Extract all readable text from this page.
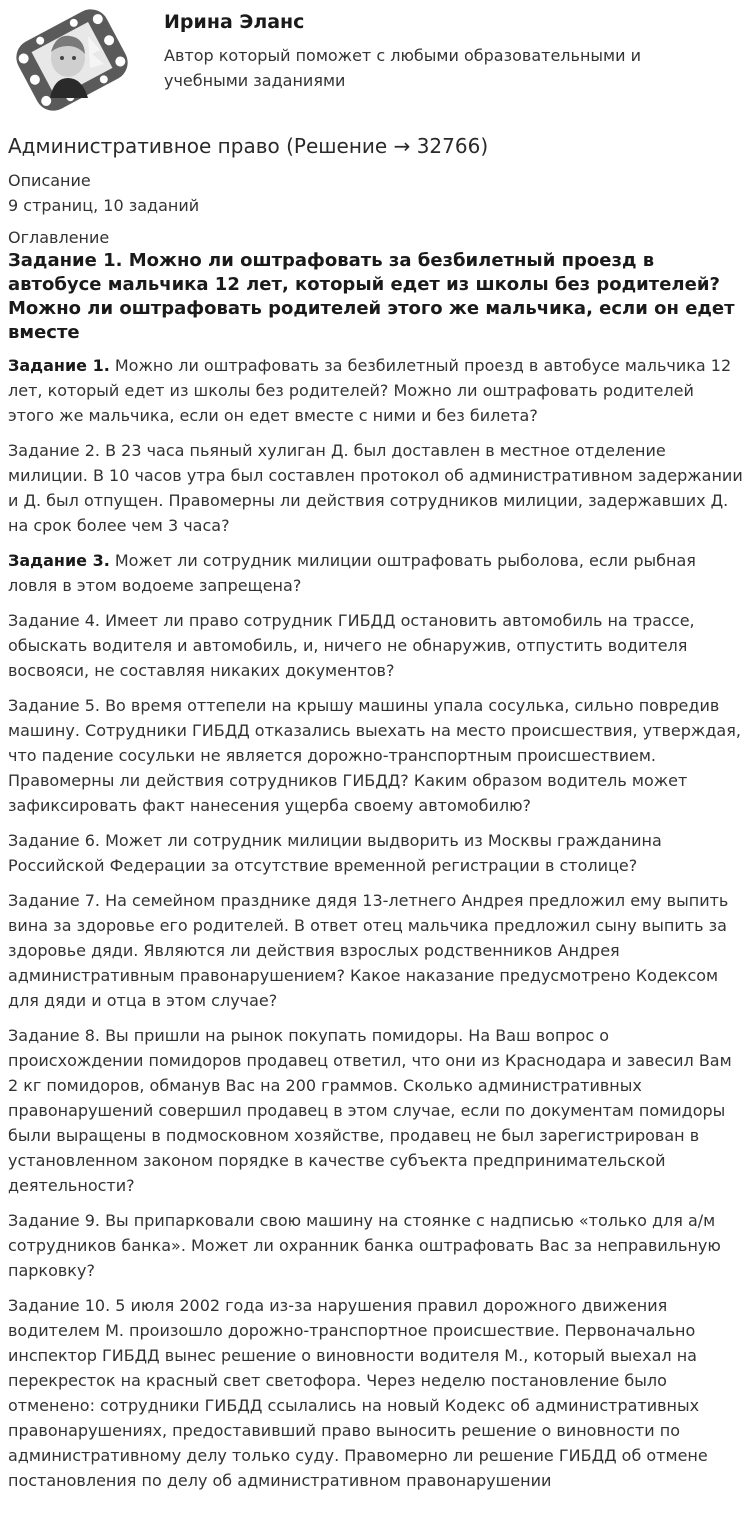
Ирина Эланс
Автор который поможет с любыми образовательными и учебными заданиями
Административное право (Решение → 32766)
Описание
9 страниц, 10 заданий
Оглавление
Задание 1. Можно ли оштрафовать за безбилетный проезд в автобусе мальчика 12 лет, который едет из школы без родителей? Можно ли оштрафовать родителей этого же мальчика, если он едет вместе
Задание 1. Можно ли оштрафовать за безбилетный проезд в автобусе мальчика 12 лет, который едет из школы без родителей? Можно ли оштрафовать родителей этого же мальчика, если он едет вместе с ними и без билета?
Задание 2. В 23 часа пьяный хулиган Д. был доставлен в местное отделение милиции. В 10 часов утра был составлен протокол об административном задержании и Д. был отпущен. Правомерны ли действия сотрудников милиции, задержавших Д. на срок более чем 3 часа?
Задание 3. Может ли сотрудник милиции оштрафовать рыболова, если рыбная ловля в этом водоеме запрещена?
Задание 4. Имеет ли право сотрудник ГИБДД остановить автомобиль на трассе, обыскать водителя и автомобиль, и, ничего не обнаружив, отпустить водителя восвояси, не составляя никаких документов?
Задание 5. Во время оттепели на крышу машины упала сосулька, сильно повредив машину. Сотрудники ГИБДД отказались выехать на место происшествия, утверждая, что падение сосульки не является дорожно-транспортным происшествием. Правомерны ли действия сотрудников ГИБДД? Каким образом водитель может зафиксировать факт нанесения ущерба своему автомобилю?
Задание 6. Может ли сотрудник милиции выдворить из Москвы гражданина Российской Федерации за отсутствие временной регистрации в столице?
Задание 7. На семейном празднике дядя 13-летнего Андрея предложил ему выпить вина за здоровье его родителей. В ответ отец мальчика предложил сыну выпить за здоровье дяди. Являются ли действия взрослых родственников Андрея административным правонарушением? Какое наказание предусмотрено Кодексом для дяди и отца в этом случае?
Задание 8. Вы пришли на рынок покупать помидоры. На Ваш вопрос о происхождении помидоров продавец ответил, что они из Краснодара и завесил Вам 2 кг помидоров, обманув Вас на 200 граммов. Сколько административных правонарушений совершил продавец в этом случае, если по документам помидоры были выращены в подмосковном хозяйстве, продавец не был зарегистрирован в установленном законом порядке в качестве субъекта предпринимательской деятельности?
Задание 9. Вы припарковали свою машину на стоянке с надписью «только для а/м сотрудников банка». Может ли охранник банка оштрафовать Вас за неправильную парковку?
Задание 10. 5 июля 2002 года из-за нарушения правил дорожного движения водителем М. произошло дорожно-транспортное происшествие. Первоначально инспектор ГИБДД вынес решение о виновности водителя М., который выехал на перекресток на красный свет светофора. Через неделю постановление было отменено: сотрудники ГИБДД ссылались на новый Кодекс об административных правонарушениях, предоставивший право выносить решение о виновности по административному делу только суду. Правомерно ли решение ГИБДД об отмене постановления по делу об административном правонарушении
